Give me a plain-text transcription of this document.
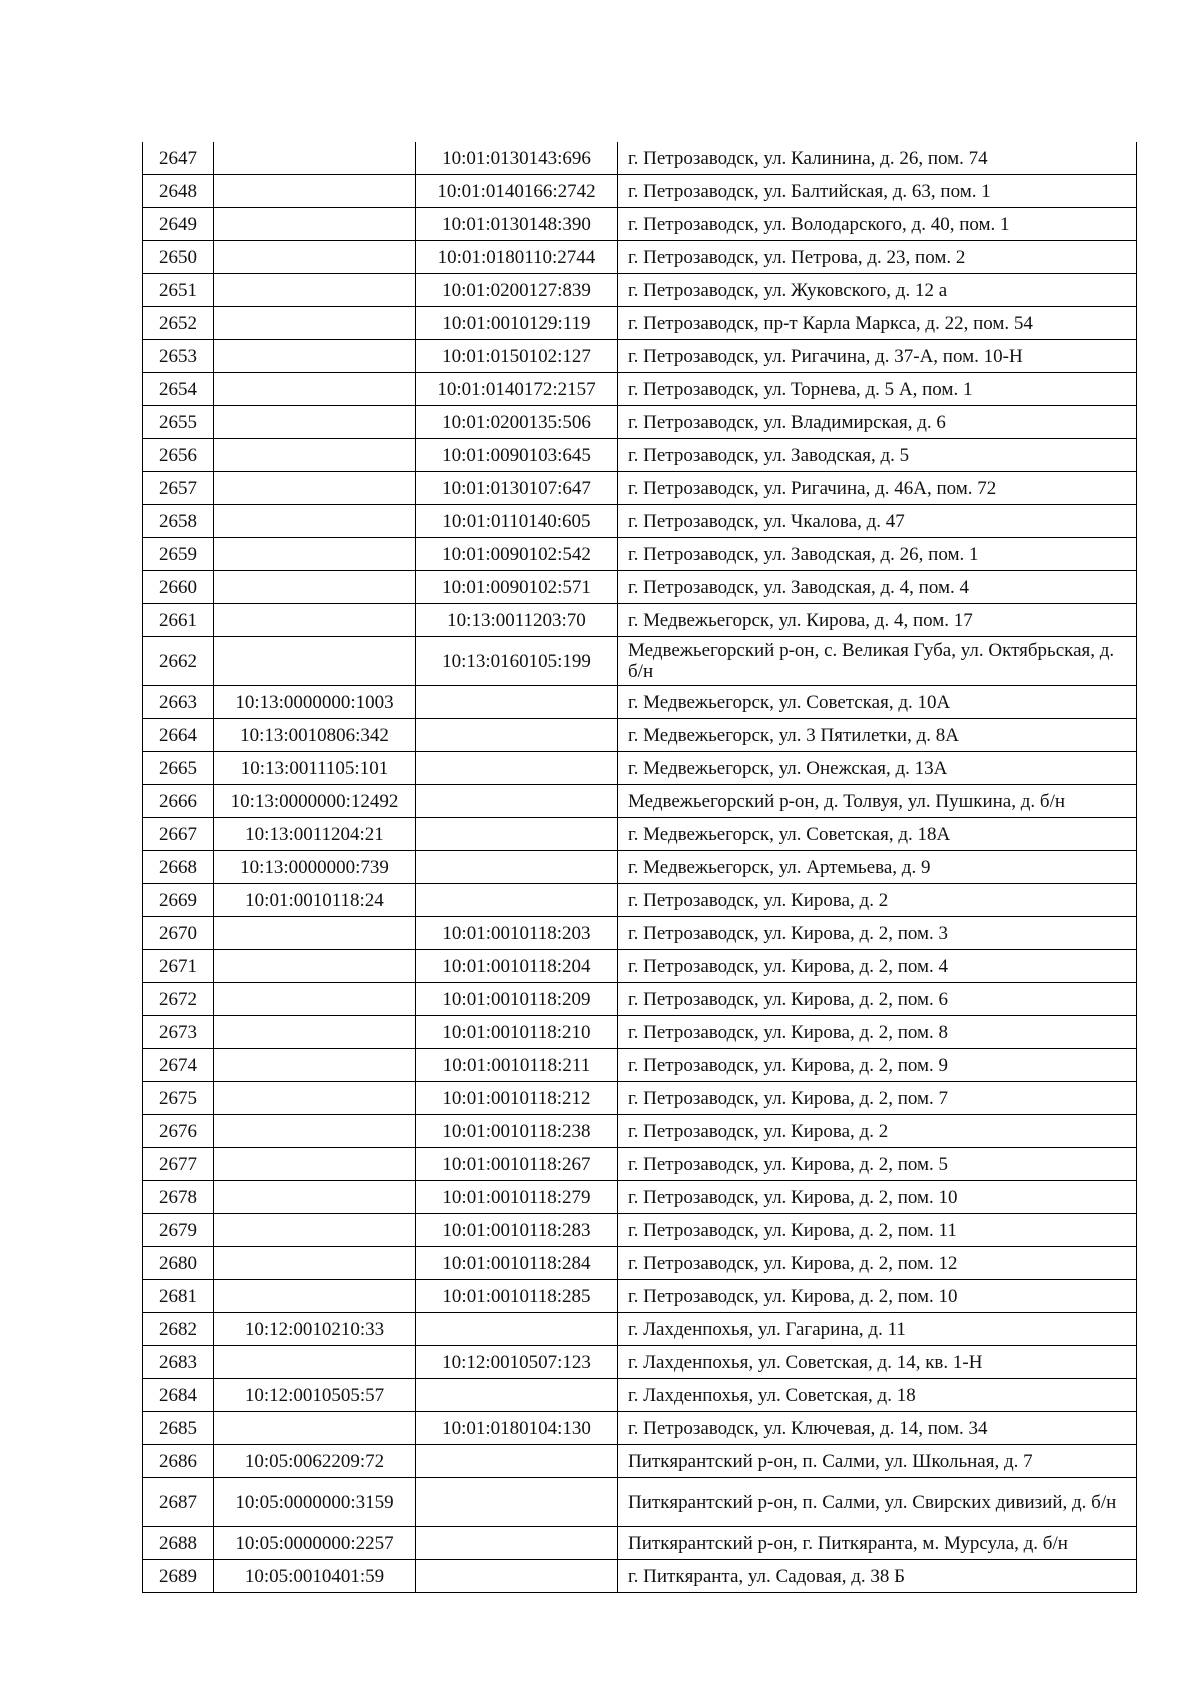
2647		10:01:0130143:696	г. Петрозаводск, ул. Калинина, д. 26, пом. 74
2648		10:01:0140166:2742	г. Петрозаводск, ул. Балтийская, д. 63, пом. 1
2649		10:01:0130148:390	г. Петрозаводск, ул. Володарского, д. 40, пом. 1
2650		10:01:0180110:2744	г. Петрозаводск, ул. Петрова, д. 23, пом. 2
2651		10:01:0200127:839	г. Петрозаводск, ул. Жуковского, д. 12 а
2652		10:01:0010129:119	г. Петрозаводск, пр-т Карла Маркса, д. 22, пом. 54
2653		10:01:0150102:127	г. Петрозаводск, ул. Ригачина, д. 37-А, пом. 10-Н
2654		10:01:0140172:2157	г. Петрозаводск, ул. Торнева, д. 5 А, пом. 1
2655		10:01:0200135:506	г. Петрозаводск, ул. Владимирская, д. 6
2656		10:01:0090103:645	г. Петрозаводск, ул. Заводская, д. 5
2657		10:01:0130107:647	г. Петрозаводск, ул. Ригачина, д. 46А, пом. 72
2658		10:01:0110140:605	г. Петрозаводск, ул. Чкалова, д. 47
2659		10:01:0090102:542	г. Петрозаводск, ул. Заводская, д. 26, пом. 1
2660		10:01:0090102:571	г. Петрозаводск, ул. Заводская, д. 4, пом. 4
2661		10:13:0011203:70	г. Медвежьегорск, ул. Кирова, д. 4, пом. 17
2662		10:13:0160105:199	Медвежьегорский р-он, с. Великая Губа, ул. Октябрьская, д. б/н
2663	10:13:0000000:1003		г. Медвежьегорск, ул. Советская, д. 10А
2664	10:13:0010806:342		г. Медвежьегорск, ул. 3 Пятилетки, д. 8А
2665	10:13:0011105:101		г. Медвежьегорск, ул. Онежская, д. 13А
2666	10:13:0000000:12492		Медвежьегорский р-он, д. Толвуя, ул. Пушкина, д. б/н
2667	10:13:0011204:21		г. Медвежьегорск, ул. Советская, д. 18А
2668	10:13:0000000:739		г. Медвежьегорск, ул. Артемьева, д. 9
2669	10:01:0010118:24		г. Петрозаводск, ул. Кирова, д. 2
2670		10:01:0010118:203	г. Петрозаводск, ул. Кирова, д. 2, пом. 3
2671		10:01:0010118:204	г. Петрозаводск, ул. Кирова, д. 2, пом. 4
2672		10:01:0010118:209	г. Петрозаводск, ул. Кирова, д. 2, пом. 6
2673		10:01:0010118:210	г. Петрозаводск, ул. Кирова, д. 2, пом. 8
2674		10:01:0010118:211	г. Петрозаводск, ул. Кирова, д. 2, пом. 9
2675		10:01:0010118:212	г. Петрозаводск, ул. Кирова, д. 2, пом. 7
2676		10:01:0010118:238	г. Петрозаводск, ул. Кирова, д. 2
2677		10:01:0010118:267	г. Петрозаводск, ул. Кирова, д. 2, пом. 5
2678		10:01:0010118:279	г. Петрозаводск, ул. Кирова, д. 2, пом. 10
2679		10:01:0010118:283	г. Петрозаводск, ул. Кирова, д. 2, пом. 11
2680		10:01:0010118:284	г. Петрозаводск, ул. Кирова, д. 2, пом. 12
2681		10:01:0010118:285	г. Петрозаводск, ул. Кирова, д. 2, пом. 10
2682	10:12:0010210:33		г. Лахденпохья, ул. Гагарина, д. 11
2683		10:12:0010507:123	г. Лахденпохья, ул. Советская, д. 14, кв. 1-Н
2684	10:12:0010505:57		г. Лахденпохья, ул. Советская, д. 18
2685		10:01:0180104:130	г. Петрозаводск, ул. Ключевая, д. 14, пом. 34
2686	10:05:0062209:72		Питкярантский р-он, п. Салми, ул. Школьная, д. 7
2687	10:05:0000000:3159		Питкярантский р-он, п. Салми, ул. Свирских дивизий, д. б/н
2688	10:05:0000000:2257		Питкярантский р-он, г. Питкяранта, м. Мурсула, д. б/н
2689	10:05:0010401:59		г. Питкяранта, ул. Садовая, д. 38 Б
